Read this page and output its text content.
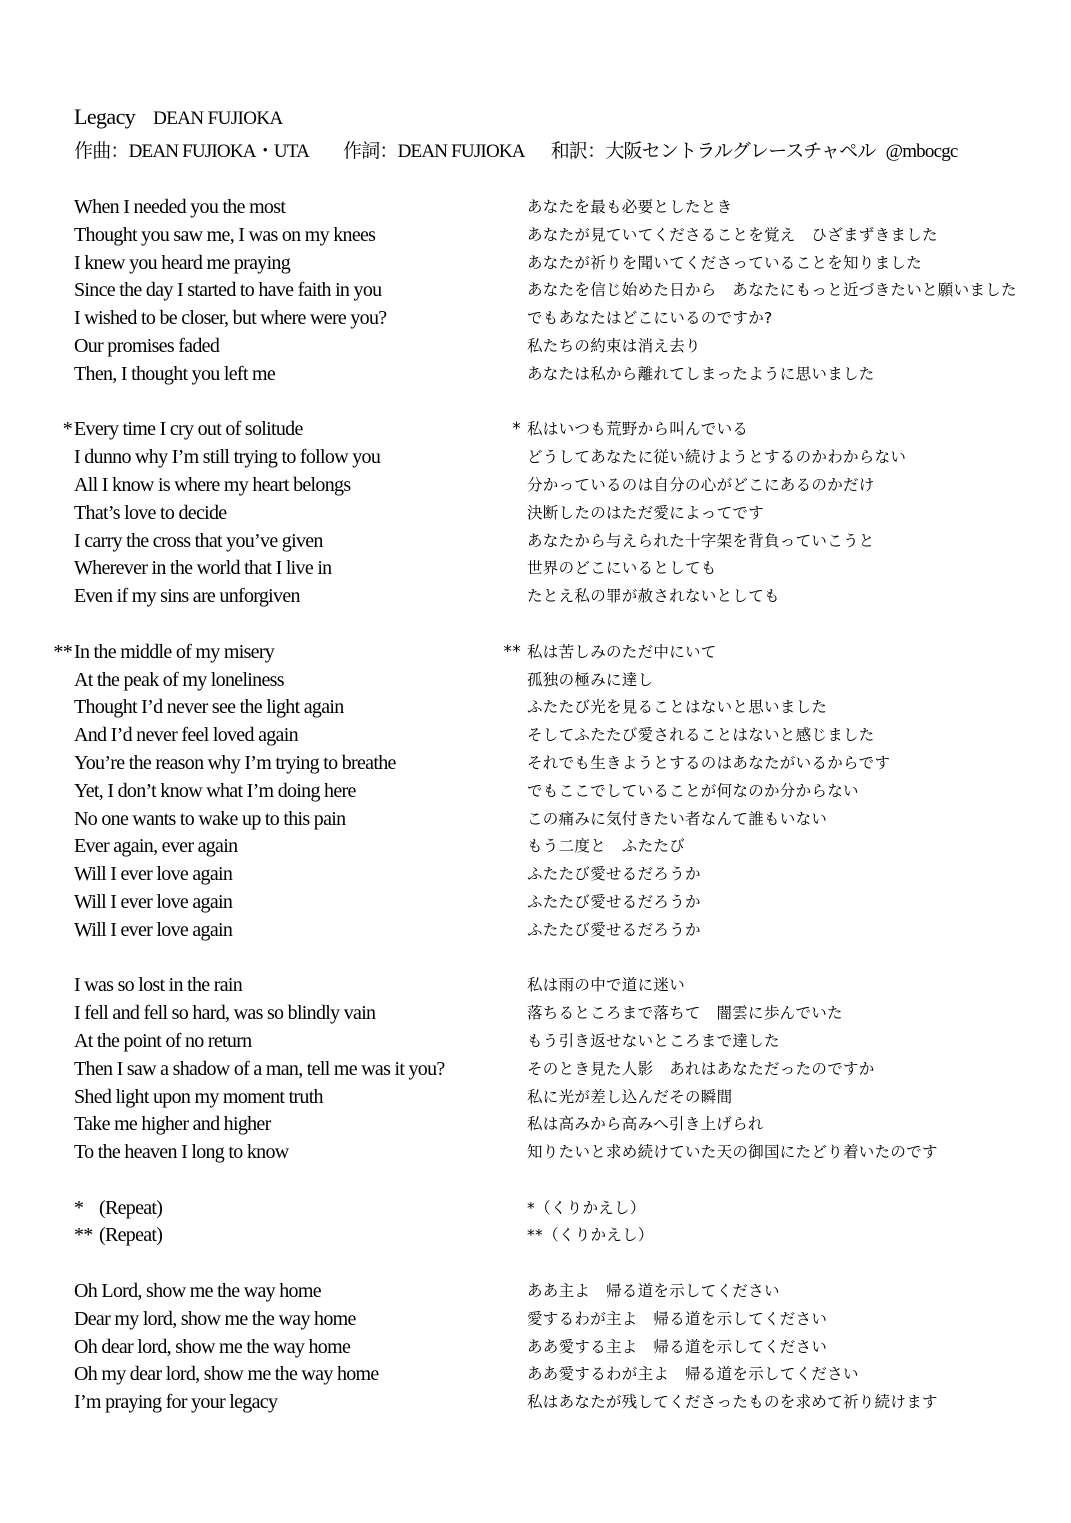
Legacy DEAN FUJIOKA
作曲：DEAN FUJIOKA・UTA 作詞：DEAN FUJIOKA 和訳：大阪セントラルグレースチャペル @mbocgc
When I needed you the most
Thought you saw me, I was on my knees
I knew you heard me praying
Since the day I started to have faith in you
I wished to be closer, but where were you?
Our promises faded
Then, I thought you left me
* Every time I cry out of solitude
I dunno why I’m still trying to follow you
All I know is where my heart belongs
That’s love to decide
I carry the cross that you’ve given
Wherever in the world that I live in
Even if my sins are unforgiven
** In the middle of my misery
At the peak of my loneliness
Thought I’d never see the light again
And I’d never feel loved again
You’re the reason why I’m trying to breathe
Yet, I don’t know what I’m doing here
No one wants to wake up to this pain
Ever again, ever again
Will I ever love again
Will I ever love again
Will I ever love again
I was so lost in the rain
I fell and fell so hard, was so blindly vain
At the point of no return
Then I saw a shadow of a man, tell me was it you?
Shed light upon my moment truth
Take me higher and higher
To the heaven I long to know
* (Repeat)
** (Repeat)
Oh Lord, show me the way home
Dear my lord, show me the way home
Oh dear lord, show me the way home
Oh my dear lord, show me the way home
I’m praying for your legacy
あなたを最も必要としたとき
あなたが見ていてくださることを覚え　ひざまずきました
あなたが祈りを聞いてくださっていることを知りました
あなたを信じ始めた日から　あなたにもっと近づきたいと願いました
でもあなたはどこにいるのですか?
私たちの約束は消え去り
あなたは私から離れてしまったように思いました
* 私はいつも荒野から叫んでいる
どうしてあなたに従い続けようとするのかわからない
分かっているのは自分の心がどこにあるのかだけ
決断したのはただ愛によってです
あなたから与えられた十字架を背負っていこうと
世界のどこにいるとしても
たとえ私の罪が赦されないとしても
** 私は苦しみのただ中にいて
孤独の極みに達し
ふたたび光を見ることはないと思いました
そしてふたたび愛されることはないと感じました
それでも生きようとするのはあなたがいるからです
でもここでしていることが何なのか分からない
この痛みに気付きたい者なんて誰もいない
もう二度と　ふたたび
ふたたび愛せるだろうか
ふたたび愛せるだろうか
ふたたび愛せるだろうか
私は雨の中で道に迷い
落ちるところまで落ちて　闇雲に歩んでいた
もう引き返せないところまで達した
そのとき見た人影　あれはあなただったのですか
私に光が差し込んだその瞬間
私は高みから高みへ引き上げられ
知りたいと求め続けていた天の御国にたどり着いたのです
*（くりかえし）
**（くりかえし）
ああ主よ　帰る道を示してください
愛するわが主よ　帰る道を示してください
ああ愛する主よ　帰る道を示してください
ああ愛するわが主よ　帰る道を示してください
私はあなたが残してくださったものを求めて祈り続けます
